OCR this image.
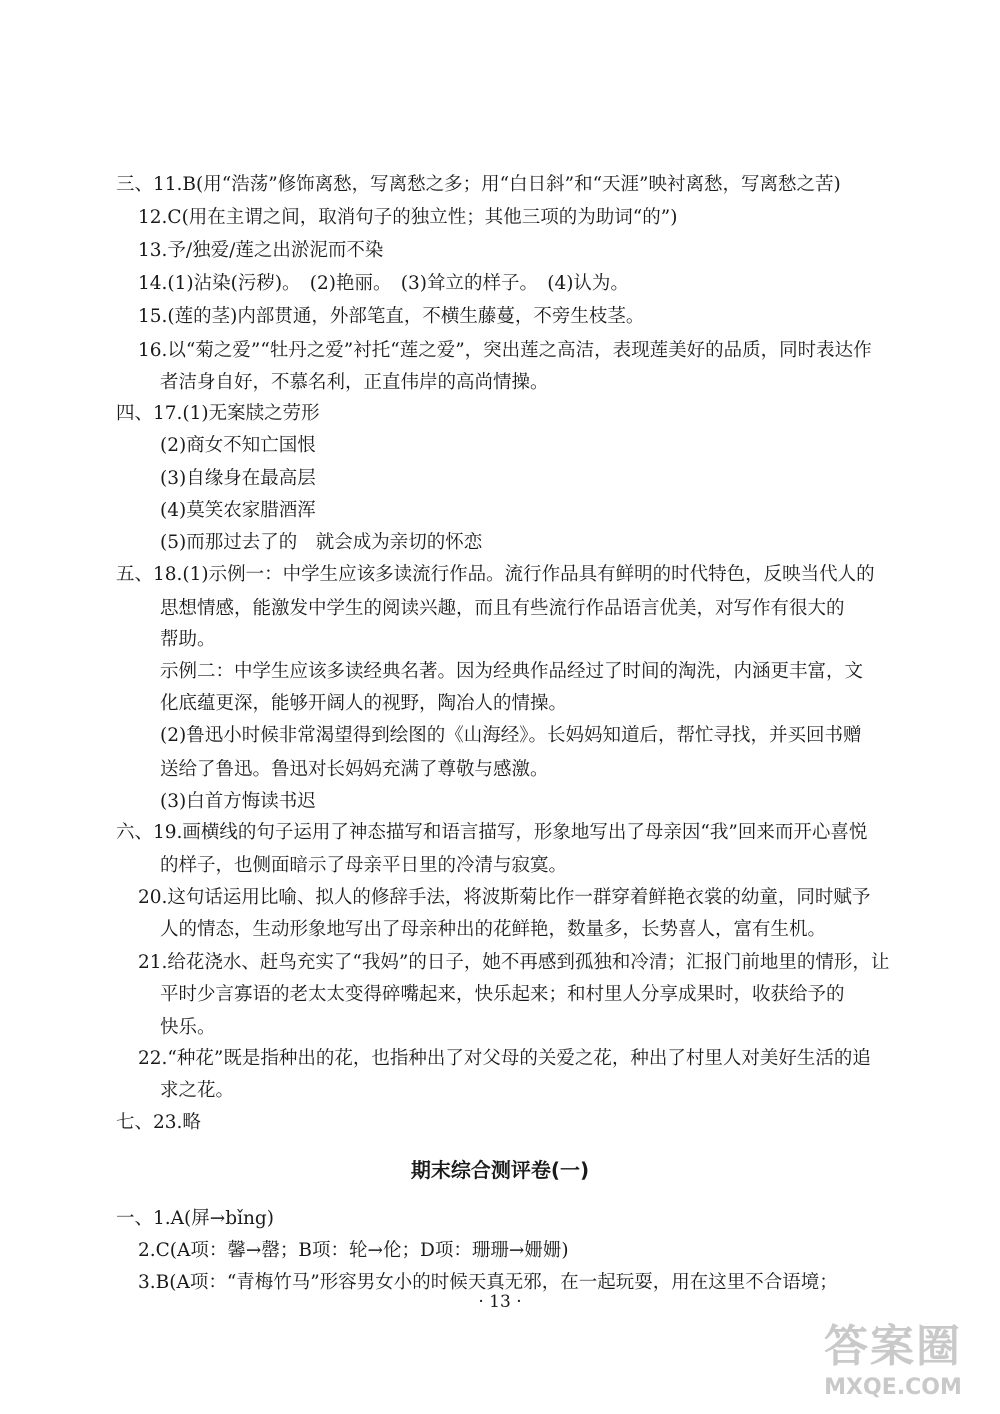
三、11.B(用“浩荡”修饰离愁，写离愁之多；用“白日斜”和“天涯”映衬离愁，写离愁之苦)
12.C(用在主谓之间，取消句子的独立性；其他三项的为助词“的”)
13.予/独爱/莲之出淤泥而不染
14.(1)沾染(污秽)。　(2)艳丽。　(3)耸立的样子。　(4)认为。
15.(莲的茎)内部贯通，外部笔直，不横生藤蔓，不旁生枝茎。
16.以“菊之爱”“牡丹之爱”衬托“莲之爱”，突出莲之高洁，表现莲美好的品质，同时表达作
者洁身自好，不慕名利，正直伟岸的高尚情操。
四、17.(1)无案牍之劳形
(2)商女不知亡国恨
(3)自缘身在最高层
(4)莫笑农家腊酒浑
(5)而那过去了的　就会成为亲切的怀恋
五、18.(1)示例一：中学生应该多读流行作品。流行作品具有鲜明的时代特色，反映当代人的
思想情感，能激发中学生的阅读兴趣，而且有些流行作品语言优美，对写作有很大的
帮助。
示例二：中学生应该多读经典名著。因为经典作品经过了时间的淘洗，内涵更丰富，文
化底蕴更深，能够开阔人的视野，陶冶人的情操。
(2)鲁迅小时候非常渴望得到绘图的《山海经》。长妈妈知道后，帮忙寻找，并买回书赠
送给了鲁迅。鲁迅对长妈妈充满了尊敬与感激。
(3)白首方悔读书迟
六、19.画横线的句子运用了神态描写和语言描写，形象地写出了母亲因“我”回来而开心喜悦
的样子，也侧面暗示了母亲平日里的冷清与寂寞。
20.这句话运用比喻、拟人的修辞手法，将波斯菊比作一群穿着鲜艳衣裳的幼童，同时赋予
人的情态，生动形象地写出了母亲种出的花鲜艳，数量多，长势喜人，富有生机。
21.给花浇水、赶鸟充实了“我妈”的日子，她不再感到孤独和冷清；汇报门前地里的情形，让
平时少言寡语的老太太变得碎嘴起来，快乐起来；和村里人分享成果时，收获给予的
快乐。
22.“种花”既是指种出的花，也指种出了对父母的关爱之花，种出了村里人对美好生活的追
求之花。
七、23.略
期末综合测评卷(一)
一、1.A(屏→bǐng)
2.C(A项：馨→罄；B项：轮→伦；D项：珊珊→姗姗)
3.B(A项：“青梅竹马”形容男女小的时候天真无邪，在一起玩耍，用在这里不合语境；
· 13 ·
答案圈
MXQE.COM
